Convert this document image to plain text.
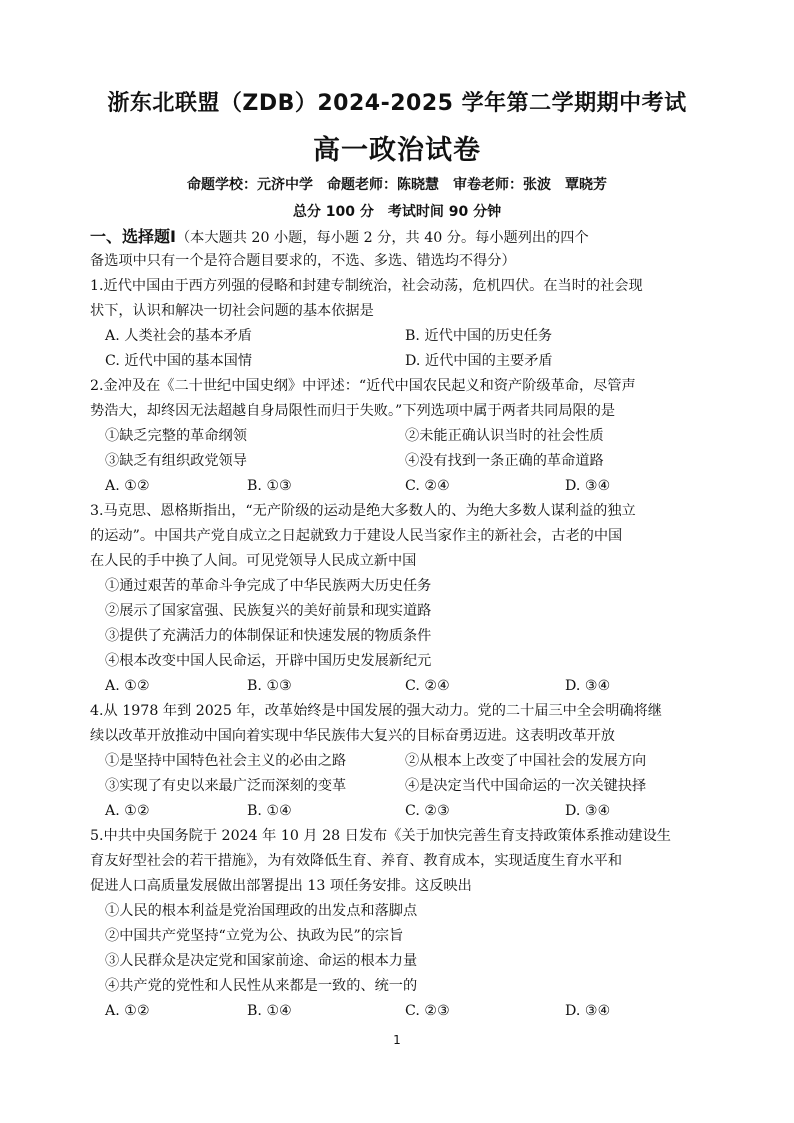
浙东北联盟（ZDB）2024-2025 学年第二学期期中考试
高一政治试卷
命题学校：元济中学　命题老师：陈晓慧　审卷老师：张波　覃晓芳
总分 100 分　考试时间 90 分钟
一、选择题Ⅰ（本大题共 20 小题，每小题 2 分，共 40 分。每小题列出的四个
备选项中只有一个是符合题目要求的，不选、多选、错选均不得分）
1.近代中国由于西方列强的侵略和封建专制统治，社会动荡，危机四伏。在当时的社会现
状下，认识和解决一切社会问题的基本依据是
A. 人类社会的基本矛盾	B. 近代中国的历史任务
C. 近代中国的基本国情	D. 近代中国的主要矛盾
2.金冲及在《二十世纪中国史纲》中评述：“近代中国农民起义和资产阶级革命，尽管声
势浩大，却终因无法超越自身局限性而归于失败。”下列选项中属于两者共同局限的是
①缺乏完整的革命纲领	②未能正确认识当时的社会性质
③缺乏有组织政党领导	④没有找到一条正确的革命道路
A. ①②	B. ①③	C. ②④	D. ③④
3.马克思、恩格斯指出，“无产阶级的运动是绝大多数人的、为绝大多数人谋利益的独立
的运动”。中国共产党自成立之日起就致力于建设人民当家作主的新社会，古老的中国
在人民的手中换了人间。可见党领导人民成立新中国
①通过艰苦的革命斗争完成了中华民族两大历史任务
②展示了国家富强、民族复兴的美好前景和现实道路
③提供了充满活力的体制保证和快速发展的物质条件
④根本改变中国人民命运，开辟中国历史发展新纪元
A. ①②	B. ①③	C. ②④	D. ③④
4.从 1978 年到 2025 年，改革始终是中国发展的强大动力。党的二十届三中全会明确将继
续以改革开放推动中国向着实现中华民族伟大复兴的目标奋勇迈进。这表明改革开放
①是坚持中国特色社会主义的必由之路	②从根本上改变了中国社会的发展方向
③实现了有史以来最广泛而深刻的变革	④是决定当代中国命运的一次关键抉择
A. ①②	B. ①④	C. ②③	D. ③④
5.中共中央国务院于 2024 年 10 月 28 日发布《关于加快完善生育支持政策体系推动建设生
育友好型社会的若干措施》，为有效降低生育、养育、教育成本，实现适度生育水平和
促进人口高质量发展做出部署提出 13 项任务安排。这反映出
①人民的根本利益是党治国理政的出发点和落脚点
②中国共产党坚持“立党为公、执政为民”的宗旨
③人民群众是决定党和国家前途、命运的根本力量
④共产党的党性和人民性从来都是一致的、统一的
A. ①②	B. ①④	C. ②③	D. ③④
1
